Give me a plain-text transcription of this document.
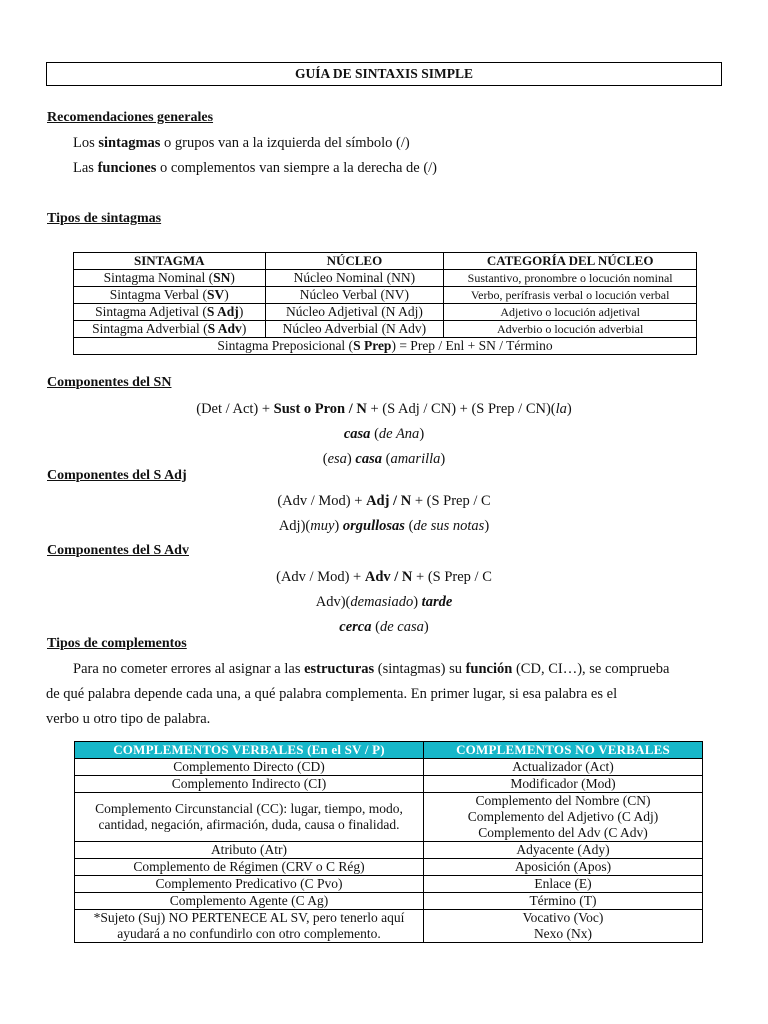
GUÍA DE SINTAXIS SIMPLE
Recomendaciones generales
Los sintagmas o grupos van a la izquierda del símbolo (/)
Las funciones o complementos van siempre a la derecha de (/)
Tipos de sintagmas
SINTAGMA	NÚCLEO	CATEGORÍA DEL NÚCLEO
Sintagma Nominal (SN)	Núcleo Nominal (NN)	Sustantivo, pronombre o locución nominal
Sintagma Verbal (SV)	Núcleo Verbal (NV)	Verbo, perífrasis verbal o locución verbal
Sintagma Adjetival (S Adj)	Núcleo Adjetival (N Adj)	Adjetivo o locución adjetival
Sintagma Adverbial (S Adv)	Núcleo Adverbial (N Adv)	Adverbio o locución adverbial
Sintagma Preposicional (S Prep) = Prep / Enl + SN / Término		
Componentes del SN
(Det / Act) + Sust o Pron / N + (S Adj / CN) + (S Prep / CN)(la)
casa (de Ana)
(esa) casa (amarilla)
Componentes del S Adj
(Adv / Mod) + Adj / N + (S Prep / C
Adj)(muy) orgullosas (de sus notas)
Componentes del S Adv
(Adv / Mod) + Adv / N + (S Prep / C
Adv)(demasiado) tarde
cerca (de casa)
Tipos de complementos
Para no cometer errores al asignar a las estructuras (sintagmas) su función (CD, CI…), se comprueba
de qué palabra depende cada una, a qué palabra complementa. En primer lugar, si esa palabra es el
verbo u otro tipo de palabra.
COMPLEMENTOS VERBALES (En el SV / P)	COMPLEMENTOS NO VERBALES
Complemento Directo (CD)	Actualizador (Act)
Complemento Indirecto (CI)	Modificador (Mod)
Complemento Circunstancial (CC): lugar, tiempo, modo, cantidad, negación, afirmación, duda, causa o finalidad.	Complemento del Nombre (CN)
Complemento del Adjetivo (C Adj)
Complemento del Adv (C Adv)

Atributo (Atr)	Adyacente (Ady)
Complemento de Régimen (CRV o C Rég)	Aposición (Apos)
Complemento Predicativo (C Pvo)	Enlace (E)
Complemento Agente (C Ag)	Término (T)
*Sujeto (Suj) NO PERTENECE AL SV, pero tenerlo aquí ayudará a no confundirlo con otro complemento.	Vocativo (Voc)
Nexo (Nx)
